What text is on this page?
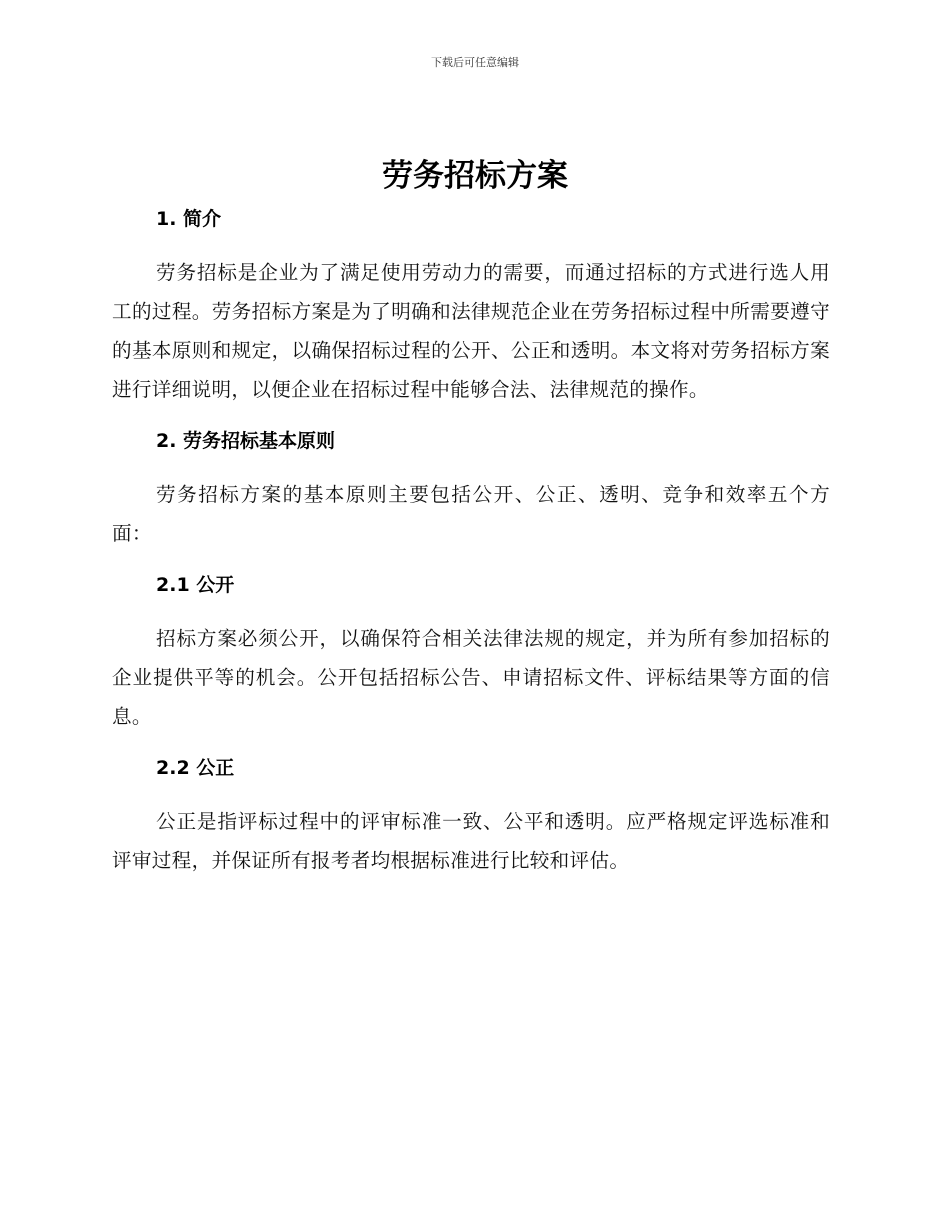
下载后可任意编辑
劳务招标方案
1. 简介

劳务招标是企业为了满足使用劳动力的需要，而通过招标的方式进行选人用工的过程。劳务招标方案是为了明确和法律规范企业在劳务招标过程中所需要遵守的基本原则和规定，以确保招标过程的公开、公正和透明。本文将对劳务招标方案进行详细说明，以便企业在招标过程中能够合法、法律规范的操作。

2. 劳务招标基本原则

劳务招标方案的基本原则主要包括公开、公正、透明、竞争和效率五个方面：

2.1 公开

招标方案必须公开，以确保符合相关法律法规的规定，并为所有参加招标的企业提供平等的机会。公开包括招标公告、申请招标文件、评标结果等方面的信息。

2.2 公正

公正是指评标过程中的评审标准一致、公平和透明。应严格规定评选标准和评审过程，并保证所有报考者均根据标准进行比较和评估。
